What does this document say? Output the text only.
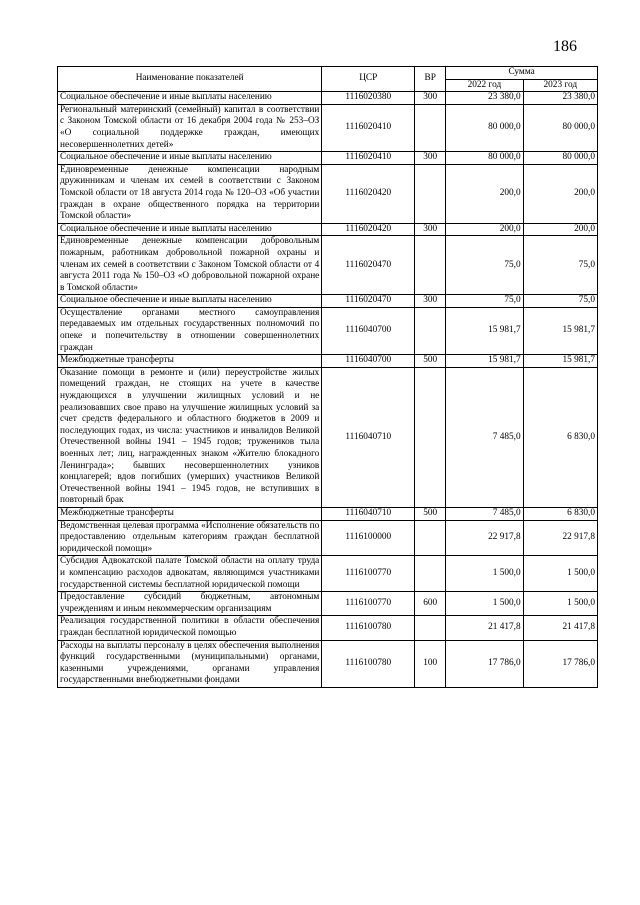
186
Наименование показателей	ЦСР	ВР	Сумма	
			2022 год	2023 год
Социальное обеспечение и иные выплаты населению	1116020380	300	23 380,0	23 380,0
Региональный материнский (семейный) капитал в соответствии с Законом Томской области от 16 декабря 2004 года № 253–ОЗ «О социальной поддержке граждан, имеющих несовершеннолетних детей»	1116020410		80 000,0	80 000,0
Социальное обеспечение и иные выплаты населению	1116020410	300	80 000,0	80 000,0
Единовременные денежные компенсации народным дружинникам и членам их семей в соответствии с Законом Томской области от 18 августа 2014 года № 120–ОЗ «Об участии граждан в охране общественного порядка на территории Томской области»	1116020420		200,0	200,0
Социальное обеспечение и иные выплаты населению	1116020420	300	200,0	200,0
Единовременные денежные компенсации добровольным пожарным, работникам добровольной пожарной охраны и членам их семей в соответствии с Законом Томской области от 4 августа 2011 года № 150–ОЗ «О добровольной пожарной охране в Томской области»	1116020470		75,0	75,0
Социальное обеспечение и иные выплаты населению	1116020470	300	75,0	75,0
Осуществление органами местного самоуправления передаваемых им отдельных государственных полномочий по опеке и попечительству в отношении совершеннолетних граждан	1116040700		15 981,7	15 981,7
Межбюджетные трансферты	1116040700	500	15 981,7	15 981,7
Оказание помощи в ремонте и (или) переустройстве жилых помещений граждан, не стоящих на учете в качестве нуждающихся в улучшении жилищных условий и не реализовавших свое право на улучшение жилищных условий за счет средств федерального и областного бюджетов в 2009 и последующих годах, из числа: участников и инвалидов Великой Отечественной войны 1941 – 1945 годов; тружеников тыла военных лет; лиц, награжденных знаком «Жителю блокадного Ленинграда»; бывших несовершеннолетних узников концлагерей; вдов погибших (умерших) участников Великой Отечественной войны 1941 – 1945 годов, не вступивших в повторный брак	1116040710		7 485,0	6 830,0
Межбюджетные трансферты	1116040710	500	7 485,0	6 830,0
Ведомственная целевая программа «Исполнение обязательств по предоставлению отдельным категориям граждан бесплатной юридической помощи»	1116100000		22 917,8	22 917,8
Субсидия Адвокатской палате Томской области на оплату труда и компенсацию расходов адвокатам, являющимся участниками государственной системы бесплатной юридической помощи	1116100770		1 500,0	1 500,0
Предоставление субсидий бюджетным, автономным учреждениям и иным некоммерческим организациям	1116100770	600	1 500,0	1 500,0
Реализация государственной политики в области обеспечения граждан бесплатной юридической помощью	1116100780		21 417,8	21 417,8
Расходы на выплаты персоналу в целях обеспечения выполнения функций государственными (муниципальными) органами, казенными учреждениями, органами управления государственными внебюджетными фондами	1116100780	100	17 786,0	17 786,0
